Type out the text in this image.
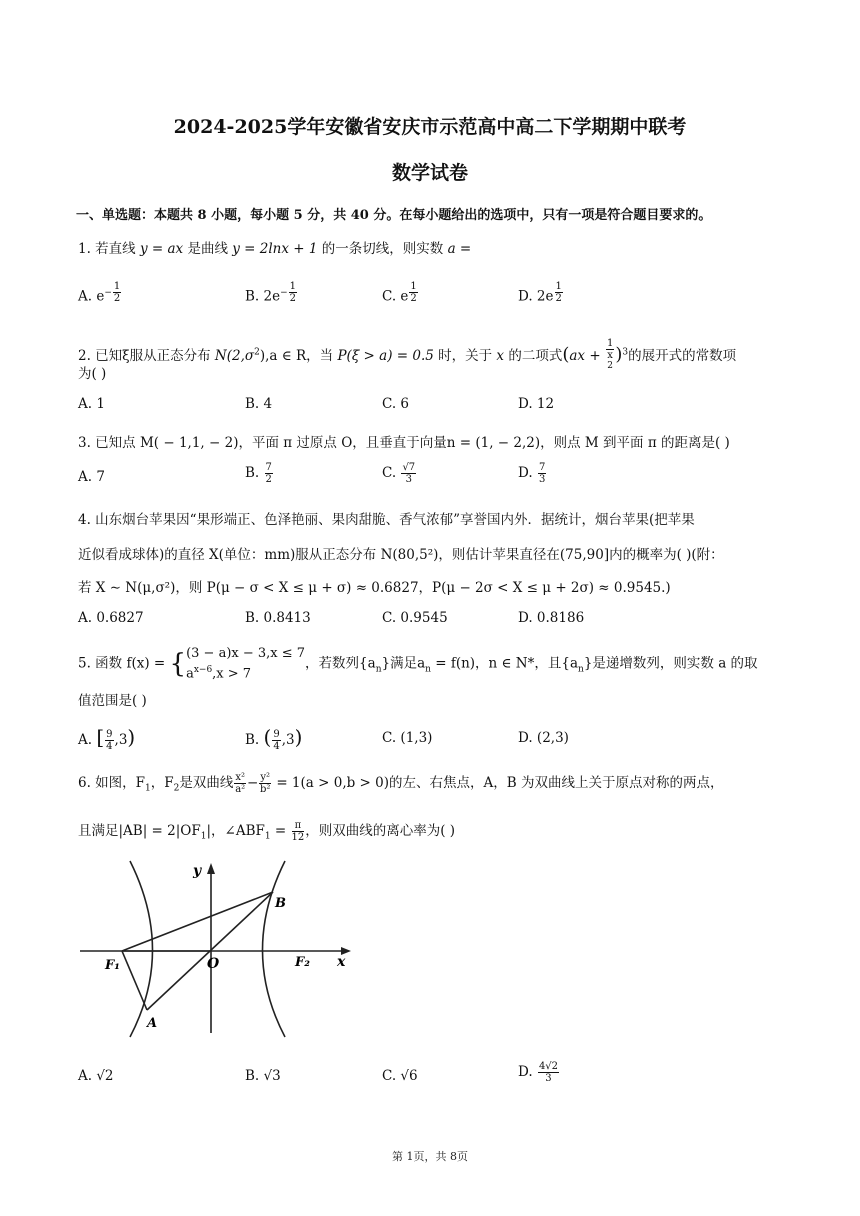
2024-2025学年安徽省安庆市示范高中高二下学期期中联考
数学试卷
一、单选题：本题共 8 小题，每小题 5 分，共 40 分。在每小题给出的选项中，只有一项是符合题目要求的。
1. 若直线 y = ax 是曲线 y = 2lnx + 1 的一条切线，则实数 a =
A. $e^{- \frac{1}{2}}$	B. $2e^{- \frac{1}{2}}$	C. e $^{\frac{1}{2}}$	D. 2e $^{\frac{1}{2}}$
2. 已知ξ服从正态分布 $N(2,\sigma^2),a$ ∈ R，当 P(ξ > a) = 0.5 时，关于 x 的二项式(ax + 1
x
$^2$ )$^3$的展开式的常数项
为( )
A. 1	B. 4	C. 6	D. 12
3. 已知点 M( − 1,1, − 2)，平面 π 过原点 O，且垂直于向量n = (1, − 2,2)，则点 M 到平面 π 的距离是( )
A. 7	B. $\frac{7}{2}$	C. $\frac{√7}{3}$	D. $\frac{7}{3}$
4. 山东烟台苹果因“果形端正、色泽艳丽、果肉甜脆、香气浓郁”享誉国内外．据统计，烟台苹果(把苹果
近似看成球体)的直径 X(单位：mm)服从正态分布 N(80,5²)，则估计苹果直径在(75,90]内的概率为( )(附：
若 X ∼ N(μ,σ²)，则 P(μ − σ < X ≤ μ + σ) ≈ 0.6827，P(μ − 2σ < X ≤ μ + 2σ) ≈ 0.9545.)
A. 0.6827	B. 0.8413	C. 0.9545	D. 0.8186
5. 函数 f(x) = { (3 − a)x − 3,x ≤ 7
$a^{x-6},x > 7$
，若数列$\{a_n\}$满足$a_n = f(n)$，n ∈ N*，且$\{a_n\}$是递增数列，则实数 a 的取
值范围是( )
A. [ $\frac{9}{4} ,3$)	B. ( $\frac{9}{4} ,3$)	C. (1,3)	D. (2,3)
6. 如图，$F_1$，$F_2$是双曲线 $\frac{\text{x²}}{\text{a²}} - \frac{\text{y²}}{\text{b²}} = 1(a > 0,b > 0)$的左、右焦点，A，B 为双曲线上关于原点对称的两点，
且满足$|AB| = 2|OF_1|$，$\angle ABF_1 = \frac{\pi}{12}$ ，则双曲线的离心率为( )
y
x
B
A
O
F₁	F₂
A. √2	B. √3	C. √6	D. $\frac{4√2}{3}$
第 1页，共 8页
